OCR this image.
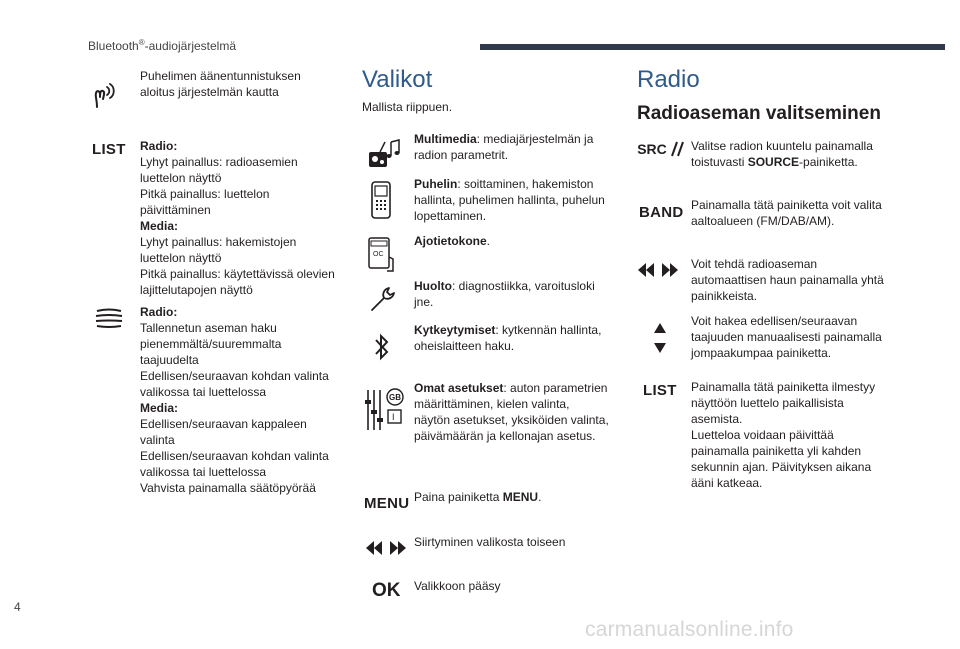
Bluetooth®-audiojärjestelmä
Puhelimen äänentunnistuksen
aloitus järjestelmän kautta
LIST Radio:
Lyhyt painallus: radioasemien
luettelon näyttö
Pitkä painallus: luettelon
päivittäminen
Media:
Lyhyt painallus: hakemistojen
luettelon näyttö
Pitkä painallus: käytettävissä olevien
lajittelutapojen näyttö
Radio:
Tallennetun aseman haku
pienemmältä/suuremmalta
taajuudelta
Edellisen/seuraavan kohdan valinta
valikossa tai luettelossa
Media:
Edellisen/seuraavan kappaleen
valinta
Edellisen/seuraavan kohdan valinta
valikossa tai luettelossa
Vahvista painamalla säätöpyörää
Valikot
Mallista riippuen.
Multimedia: mediajärjestelmän ja
radion parametrit.
Puhelin: soittaminen, hakemiston
hallinta, puhelimen hallinta, puhelun
lopettaminen.
OC
Ajotietokone.
Huolto: diagnostiikka, varoitusloki
jne.
Kytkeytymiset: kytkennän hallinta,
oheislaitteen haku.
GB
I
Omat asetukset: auton parametrien
määrittäminen, kielen valinta,
näytön asetukset, yksiköiden valinta,
päivämäärän ja kellonajan asetus.
MENU Paina painiketta MENU.
Siirtyminen valikosta toiseen
OK Valikkoon pääsy
Radio
Radioaseman valitseminen
SRC Valitse radion kuuntelu painamalla
toistuvasti SOURCE-painiketta.
BAND Painamalla tätä painiketta voit valita
aaltoalueen (FM/DAB/AM).
Voit tehdä radioaseman
automaattisen haun painamalla yhtä
painikkeista.
Voit hakea edellisen/seuraavan
taajuuden manuaalisesti painamalla
jompaakumpaa painiketta.
LIST Painamalla tätä painiketta ilmestyy
näyttöön luettelo paikallisista
asemista.
Luetteloa voidaan päivittää
painamalla painiketta yli kahden
sekunnin ajan. Päivityksen aikana
ääni katkeaa.
4
carmanualsonline.info
